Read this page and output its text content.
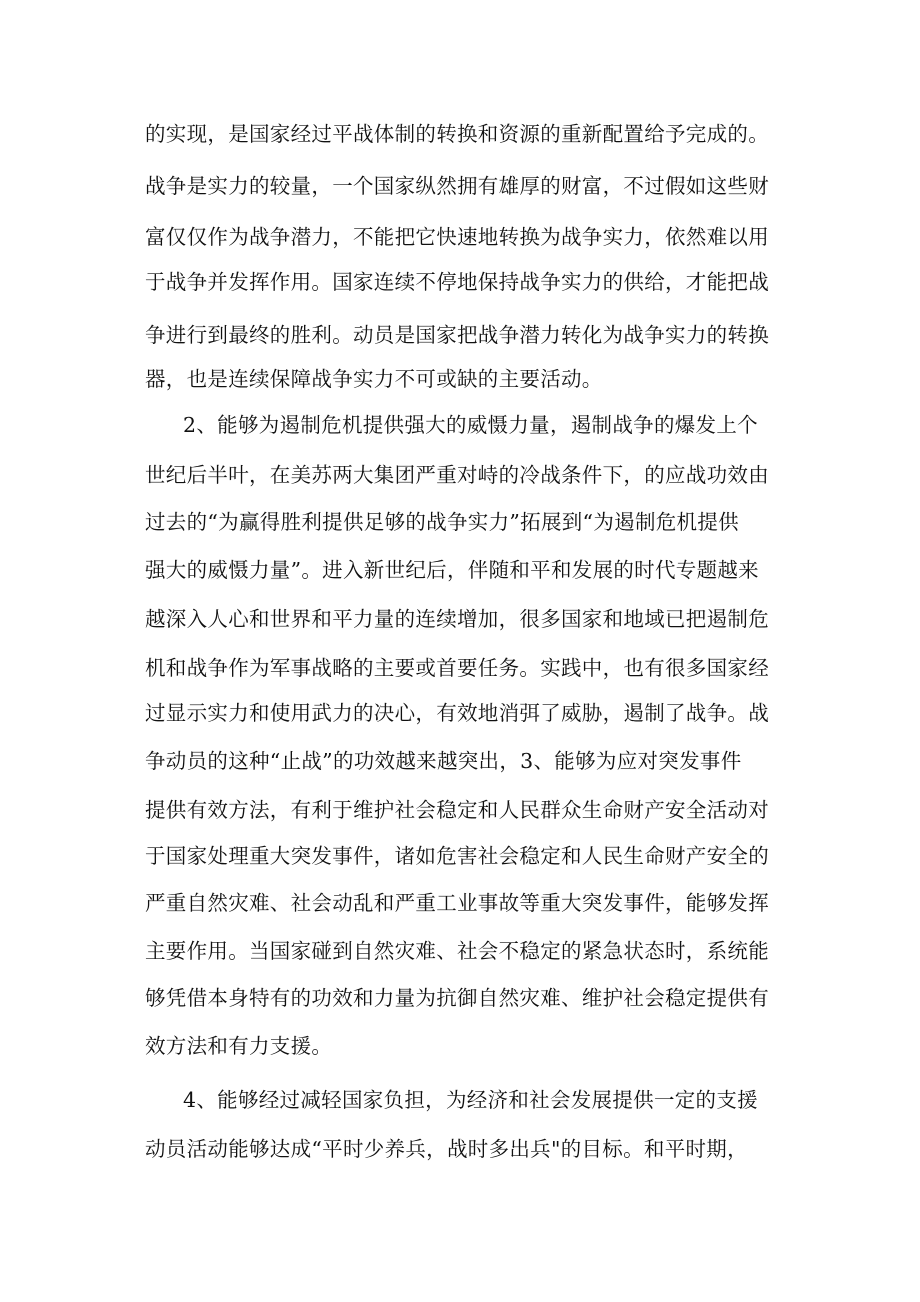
的实现，是国家经过平战体制的转换和资源的重新配置给予完成的。
战争是实力的较量，一个国家纵然拥有雄厚的财富，不过假如这些财
富仅仅作为战争潜力，不能把它快速地转换为战争实力，依然难以用
于战争并发挥作用。国家连续不停地保持战争实力的供给，才能把战
争进行到最终的胜利。动员是国家把战争潜力转化为战争实力的转换
器，也是连续保障战争实力不可或缺的主要活动。
2、能够为遏制危机提供强大的威慑力量，遏制战争的爆发上个
世纪后半叶，在美苏两大集团严重对峙的冷战条件下，的应战功效由
过去的“为赢得胜利提供足够的战争实力”拓展到“为遏制危机提供
强大的威慑力量”。进入新世纪后，伴随和平和发展的时代专题越来
越深入人心和世界和平力量的连续增加，很多国家和地域已把遏制危
机和战争作为军事战略的主要或首要任务。实践中，也有很多国家经
过显示实力和使用武力的决心，有效地消弭了威胁，遏制了战争。战
争动员的这种“止战”的功效越来越突出，3、能够为应对突发事件
提供有效方法，有利于维护社会稳定和人民群众生命财产安全活动对
于国家处理重大突发事件，诸如危害社会稳定和人民生命财产安全的
严重自然灾难、社会动乱和严重工业事故等重大突发事件，能够发挥
主要作用。当国家碰到自然灾难、社会不稳定的紧急状态时，系统能
够凭借本身特有的功效和力量为抗御自然灾难、维护社会稳定提供有
效方法和有力支援。
4、能够经过减轻国家负担，为经济和社会发展提供一定的支援
动员活动能够达成“平时少养兵，战时多出兵"的目标。和平时期，
